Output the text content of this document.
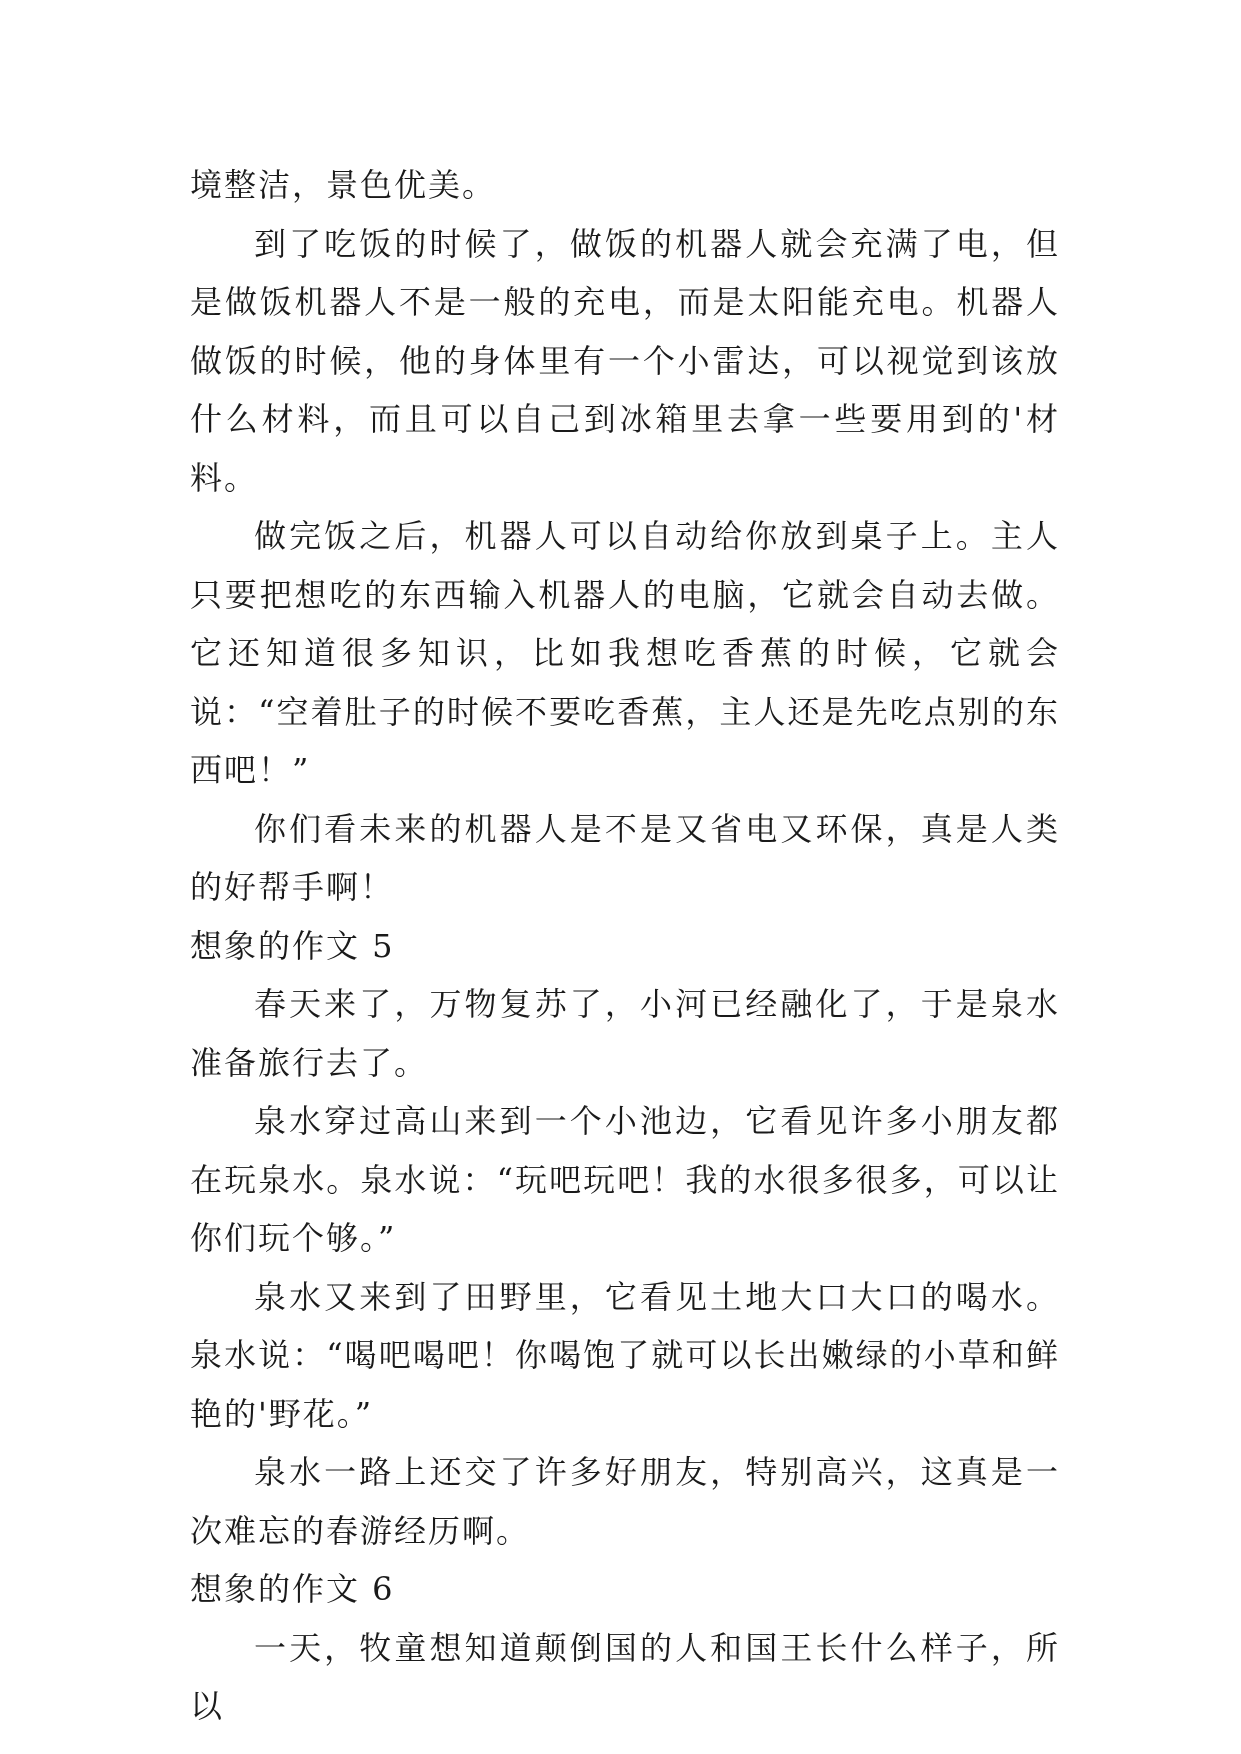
境整洁，景色优美。

到了吃饭的时候了，做饭的机器人就会充满了电，但是做饭机器人不是一般的充电，而是太阳能充电。机器人做饭的时候，他的身体里有一个小雷达，可以视觉到该放什么材料，而且可以自己到冰箱里去拿一些要用到的'材料。

做完饭之后，机器人可以自动给你放到桌子上。主人只要把想吃的东西输入机器人的电脑，它就会自动去做。它还知道很多知识，比如我想吃香蕉的时候，它就会说：“空着肚子的时候不要吃香蕉，主人还是先吃点别的东西吧！”

你们看未来的机器人是不是又省电又环保，真是人类的好帮手啊！

想象的作文 5

春天来了，万物复苏了，小河已经融化了，于是泉水准备旅行去了。

泉水穿过高山来到一个小池边，它看见许多小朋友都在玩泉水。泉水说：“玩吧玩吧！我的水很多很多，可以让你们玩个够。”

泉水又来到了田野里，它看见土地大口大口的喝水。泉水说：“喝吧喝吧！你喝饱了就可以长出嫩绿的小草和鲜艳的'野花。”

泉水一路上还交了许多好朋友，特别高兴，这真是一次难忘的春游经历啊。

想象的作文 6

一天，牧童想知道颠倒国的人和国王长什么样子，所以
